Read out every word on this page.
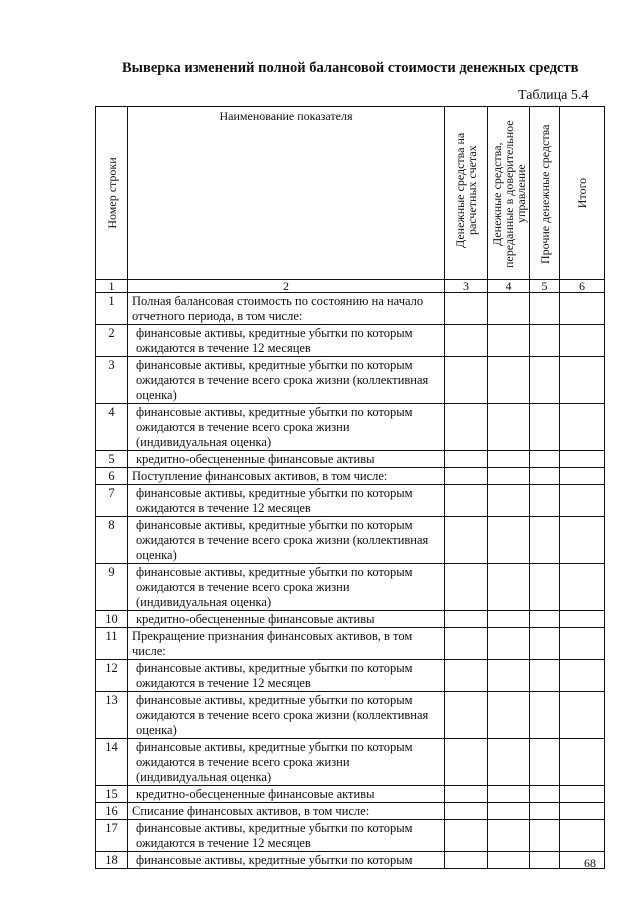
Выверка изменений полной балансовой стоимости денежных средств
Таблица 5.4
Номер строки	Наименование показателя	Денежные средства на расчетных счетах	Денежные средства, переданные в доверительное управление	Прочие денежные средства	Итого

1	2	3	4	5	6
1	Полная балансовая стоимость по состоянию на начало отчетного периода, в том числе:				
2	финансовые активы, кредитные убытки по которым ожидаются в течение 12 месяцев				
3	финансовые активы, кредитные убытки по которым ожидаются в течение всего срока жизни (коллективная оценка)				
4	финансовые активы, кредитные убытки по которым ожидаются в течение всего срока жизни (индивидуальная оценка)				
5	кредитно-обесцененные финансовые активы				
6	Поступление финансовых активов, в том числе:				
7	финансовые активы, кредитные убытки по которым ожидаются в течение 12 месяцев				
8	финансовые активы, кредитные убытки по которым ожидаются в течение всего срока жизни (коллективная оценка)				
9	финансовые активы, кредитные убытки по которым ожидаются в течение всего срока жизни (индивидуальная оценка)				
10	кредитно-обесцененные финансовые активы				
11	Прекращение признания финансовых активов, в том числе:				
12	финансовые активы, кредитные убытки по которым ожидаются в течение 12 месяцев				
13	финансовые активы, кредитные убытки по которым ожидаются в течение всего срока жизни (коллективная оценка)				
14	финансовые активы, кредитные убытки по которым ожидаются в течение всего срока жизни (индивидуальная оценка)				
15	кредитно-обесцененные финансовые активы				
16	Списание финансовых активов, в том числе:				
17	финансовые активы, кредитные убытки по которым ожидаются в течение 12 месяцев				
18	финансовые активы, кредитные убытки по которым					68
